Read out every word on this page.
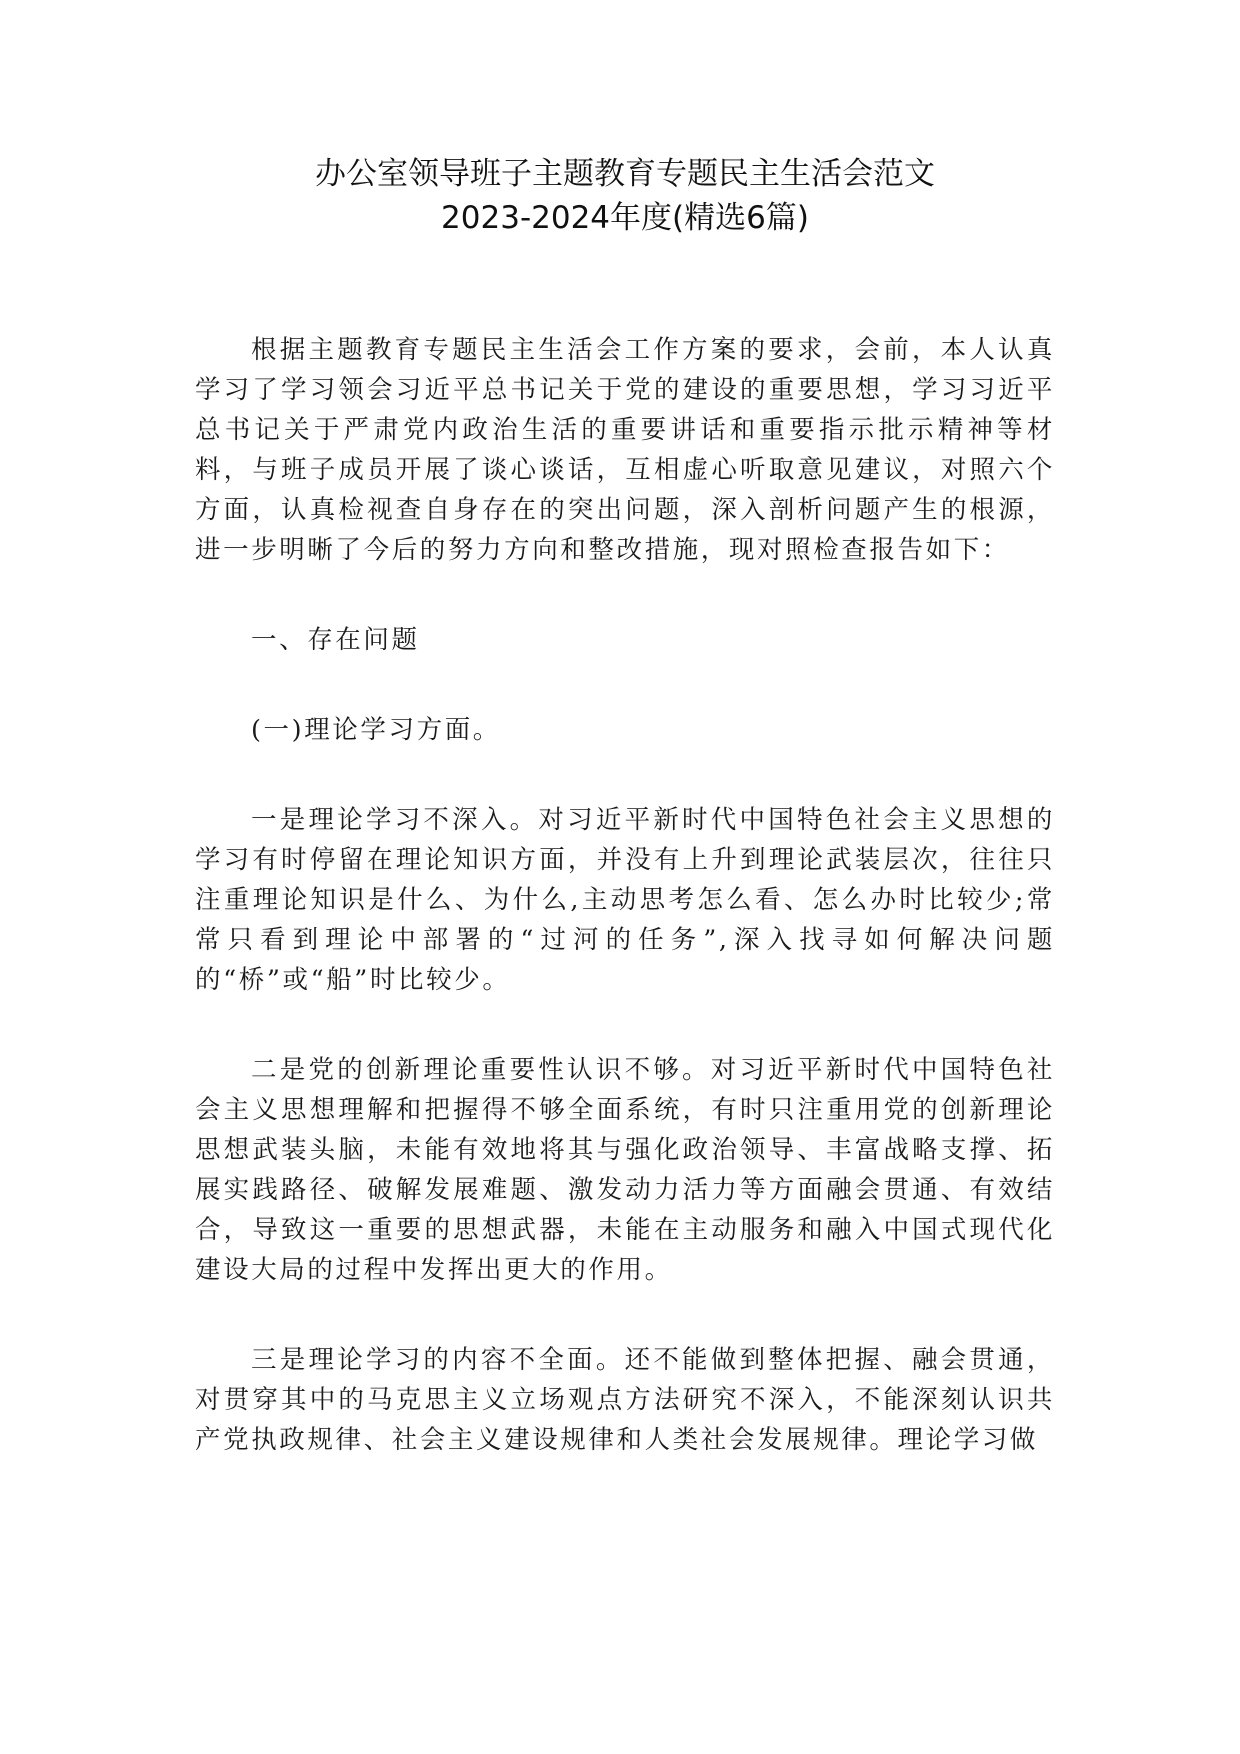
办公室领导班子主题教育专题民主生活会范文
2023-2024年度(精选6篇)

根据主题教育专题民主生活会工作方案的要求，会前，本人认真学习了学习领会习近平总书记关于党的建设的重要思想，学习习近平总书记关于严肃党内政治生活的重要讲话和重要指示批示精神等材料，与班子成员开展了谈心谈话，互相虚心听取意见建议，对照六个方面，认真检视查自身存在的突出问题，深入剖析问题产生的根源，进一步明晰了今后的努力方向和整改措施，现对照检查报告如下：

一、存在问题

(一)理论学习方面。

一是理论学习不深入。对习近平新时代中国特色社会主义思想的学习有时停留在理论知识方面，并没有上升到理论武装层次，往往只注重理论知识是什么、为什么,主动思考怎么看、怎么办时比较少;常常只看到理论中部署的“过河的任务”,深入找寻如何解决问题的“桥”或“船”时比较少。

二是党的创新理论重要性认识不够。对习近平新时代中国特色社会主义思想理解和把握得不够全面系统，有时只注重用党的创新理论思想武装头脑，未能有效地将其与强化政治领导、丰富战略支撑、拓展实践路径、破解发展难题、激发动力活力等方面融会贯通、有效结合，导致这一重要的思想武器，未能在主动服务和融入中国式现代化建设大局的过程中发挥出更大的作用。

三是理论学习的内容不全面。还不能做到整体把握、融会贯通，对贯穿其中的马克思主义立场观点方法研究不深入，不能深刻认识共产党执政规律、社会主义建设规律和人类社会发展规律。理论学习做
